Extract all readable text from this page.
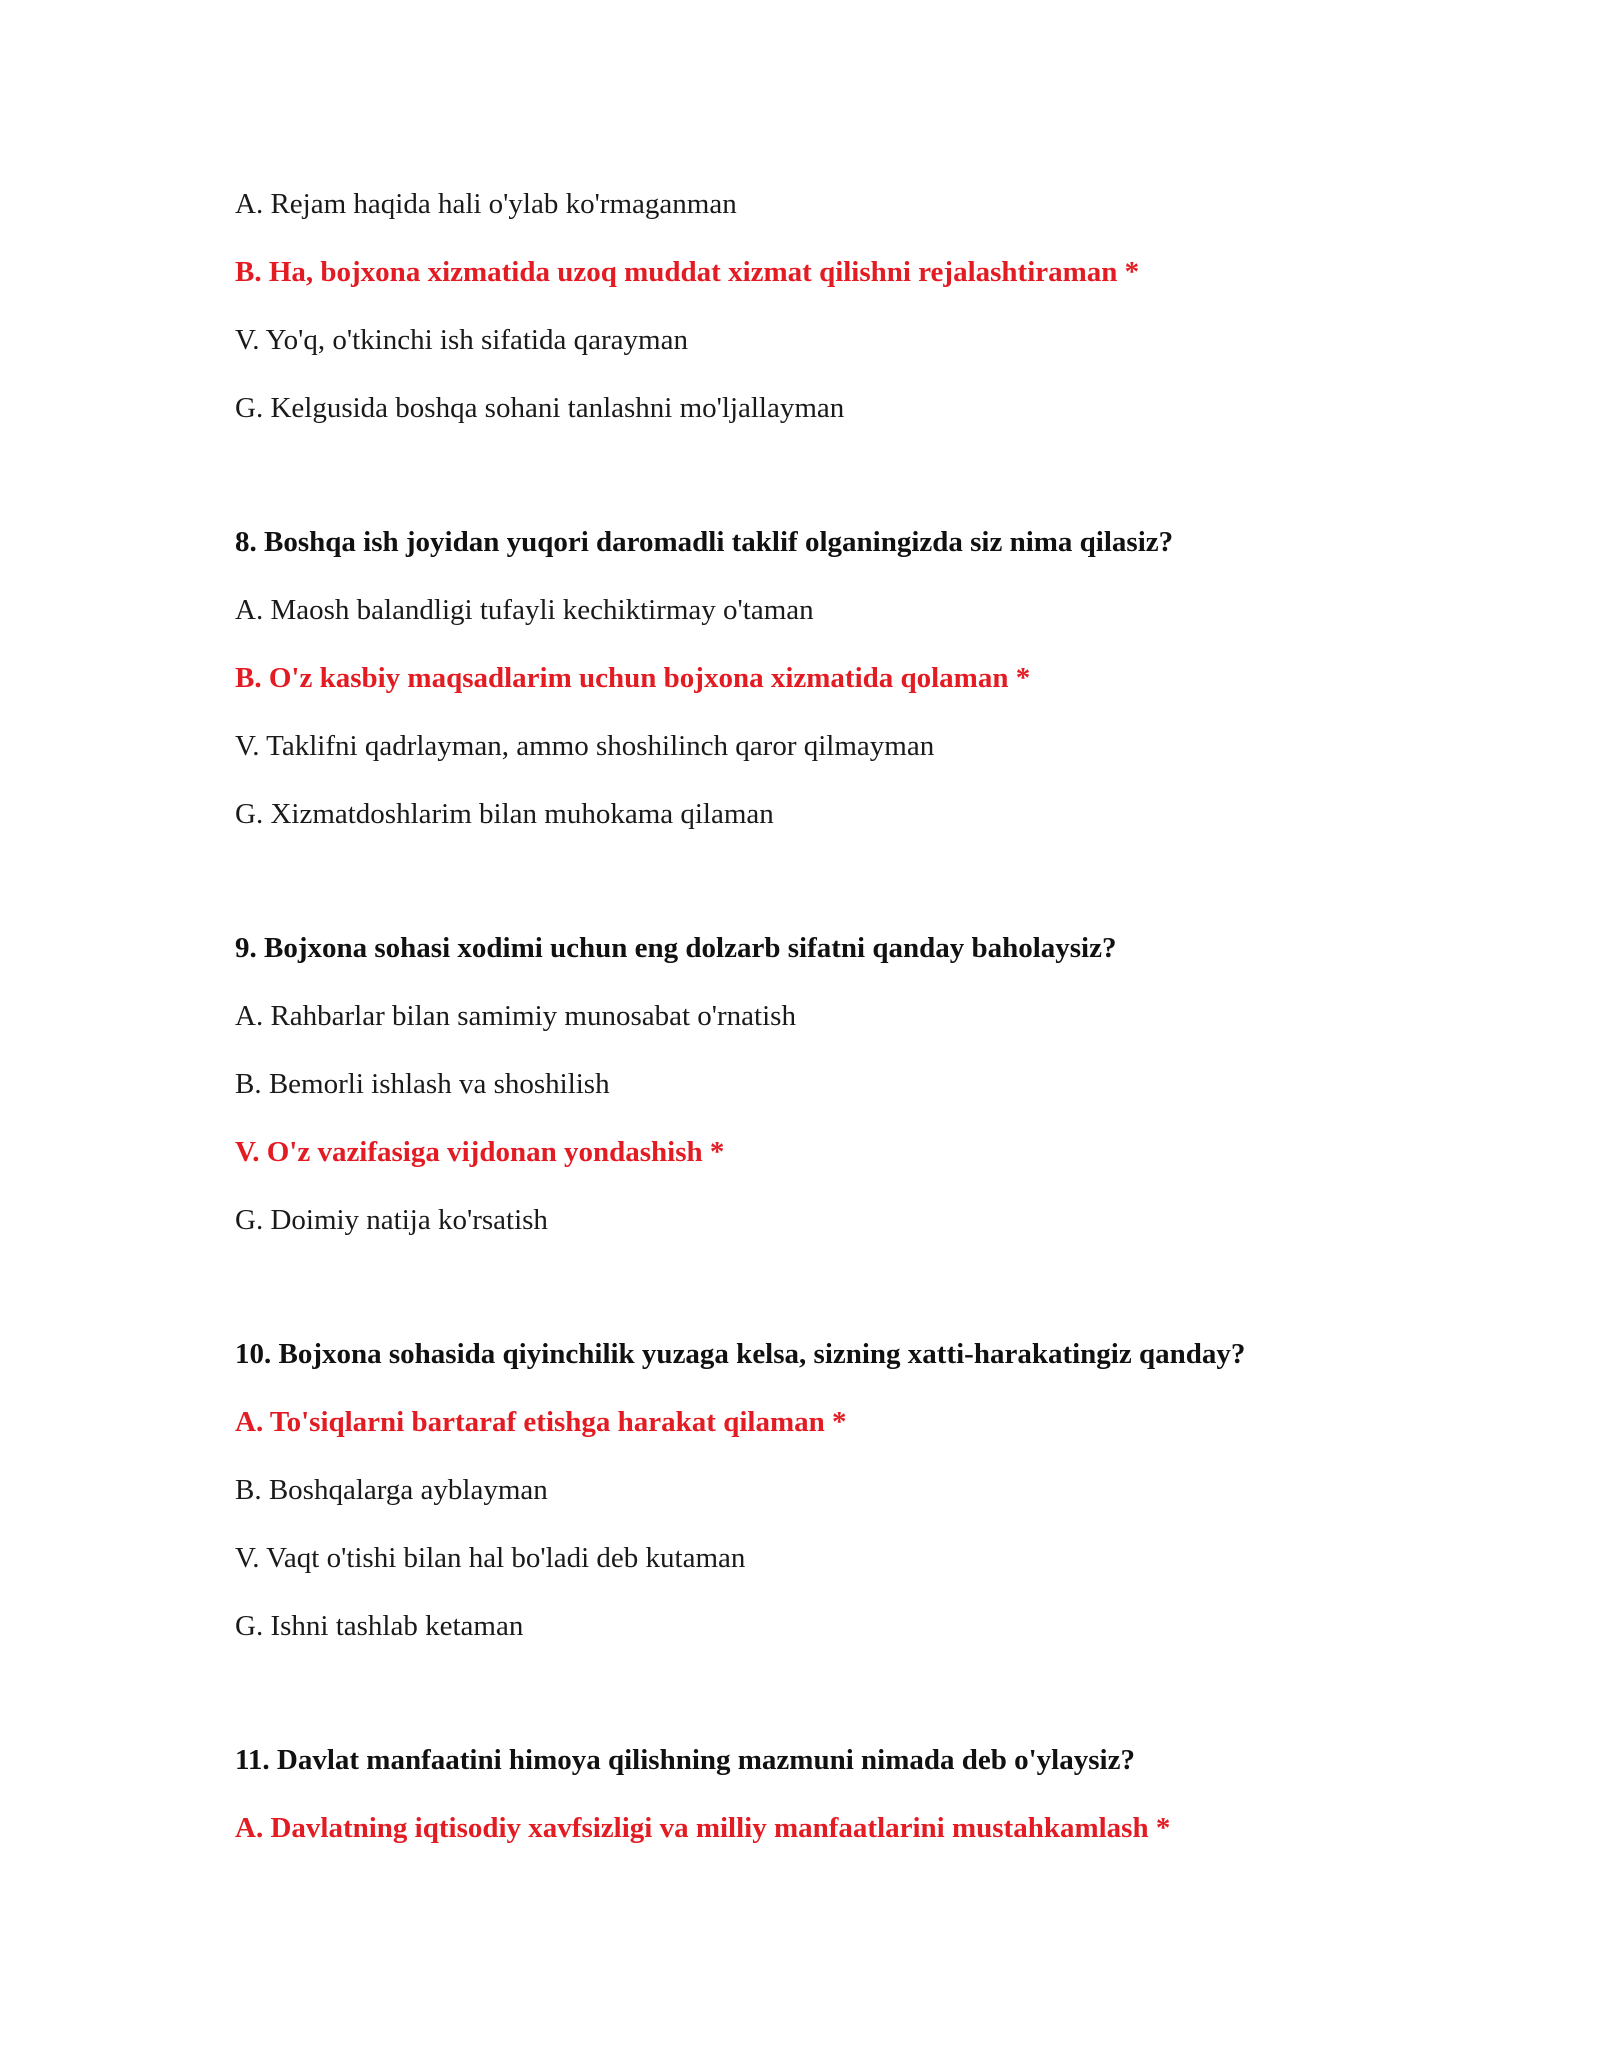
A. Rejam haqida hali o'ylab ko'rmaganman
B. Ha, bojxona xizmatida uzoq muddat xizmat qilishni rejalashtiraman *
V. Yo'q, o'tkinchi ish sifatida qarayman
G. Kelgusida boshqa sohani tanlashni mo'ljallayman
8. Boshqa ish joyidan yuqori daromadli taklif olganingizda siz nima qilasiz?
A. Maosh balandligi tufayli kechiktirmay o'taman
B. O'z kasbiy maqsadlarim uchun bojxona xizmatida qolaman *
V. Taklifni qadrlayman, ammo shoshilinch qaror qilmayman
G. Xizmatdoshlarim bilan muhokama qilaman
9. Bojxona sohasi xodimi uchun eng dolzarb sifatni qanday baholaysiz?
A. Rahbarlar bilan samimiy munosabat o'rnatish
B. Bemorli ishlash va shoshilish
V. O'z vazifasiga vijdonan yondashish *
G. Doimiy natija ko'rsatish
10. Bojxona sohasida qiyinchilik yuzaga kelsa, sizning xatti-harakatingiz qanday?
A. To'siqlarni bartaraf etishga harakat qilaman *
B. Boshqalarga ayblayman
V. Vaqt o'tishi bilan hal bo'ladi deb kutaman
G. Ishni tashlab ketaman
11. Davlat manfaatini himoya qilishning mazmuni nimada deb o'ylaysiz?
A. Davlatning iqtisodiy xavfsizligi va milliy manfaatlarini mustahkamlash *
